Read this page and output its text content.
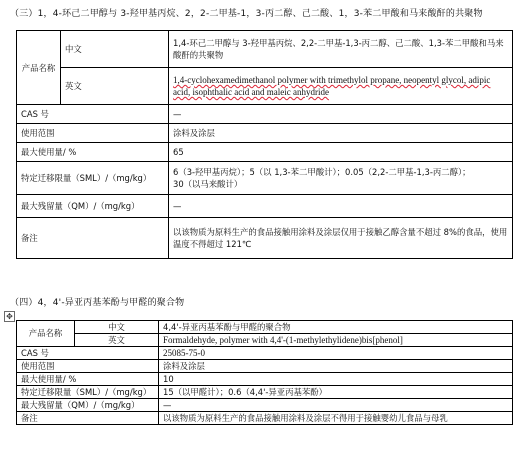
（三）1，4-环己二甲醇与 3-羟甲基丙烷、2，2-二甲基-1，3-丙二醇、己二酸、1，3-苯二甲酸和马来酸酐的共聚物
产品名称	中文	1,4-环己二甲醇与 3-羟甲基丙烷、2,2-二甲基-1,3-丙二醇、己二酸、1,3-苯二甲酸和马来酸酐的共聚物
	英文	1,4-cyclohexamedimethanol polymer with trimethylol propane, neopentyl glycol, adipic acid, isophthalic acid and maleic anhydride
CAS 号		—
使用范围		涂料及涂层
最大使用量/ %		65
特定迁移限量（SML）/（mg/kg）		6（3-羟甲基丙烷）；5（以 1,3-苯二甲酸计）；0.05（2,2-二甲基-1,3-丙二醇）；
30（以马来酸计）

最大残留量（QM）/（mg/kg）		—
备注		以该物质为原料生产的食品接触用涂料及涂层仅用于接触乙醇含量不超过 8%的食品，使用温度不得超过 121℃
（四）4，4'-异亚丙基苯酚与甲醛的聚合物
✥
产品名称	中文	4,4'-异亚丙基苯酚与甲醛的聚合物
	英文	Formaldehyde, polymer with 4,4'-(1-methylethylidene)bis[phenol]
CAS 号		25085-75-0
使用范围		涂料及涂层
最大使用量/ %		10
特定迁移限量（SML）/（mg/kg）		15（以甲醛计）；0.6（4,4'-异亚丙基苯酚）
最大残留量（QM）/（mg/kg）		—
备注		以该物质为原料生产的食品接触用涂料及涂层不得用于接触婴幼儿食品与母乳
